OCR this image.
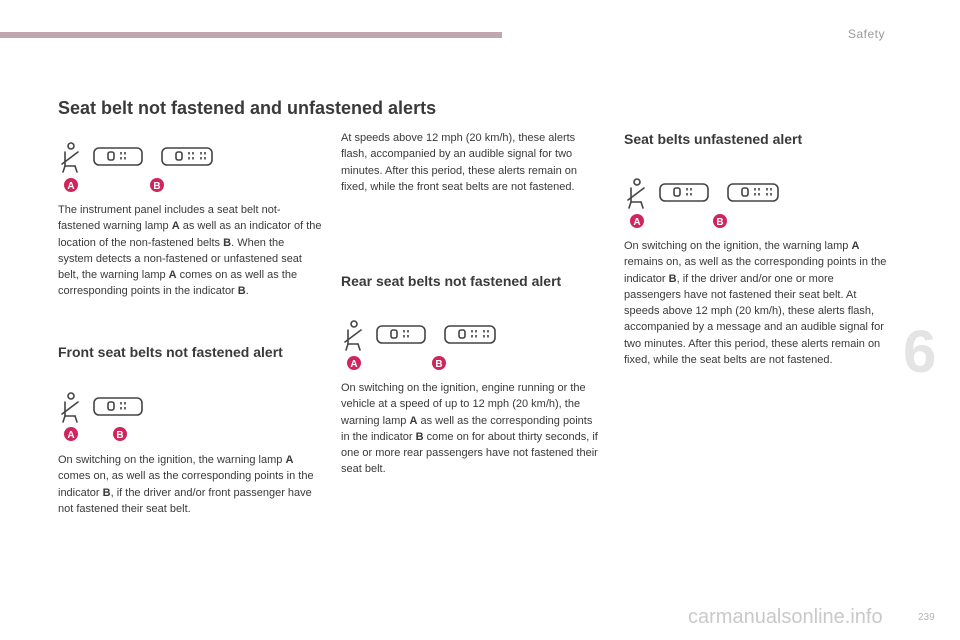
Safety
6
239
carmanualsonline.info
Seat belt not fastened and unfastened alerts
A	B

The instrument panel includes a seat belt not-fastened warning lamp A as well as an indicator of the location of the non-fastened belts B. When the system detects a non-fastened or unfastened seat belt, the warning lamp A comes on as well as the corresponding points in the indicator B.

Front seat belts not fastened alert
A	B

On switching on the ignition, the warning lamp A comes on, as well as the corresponding points in the indicator B, if the driver and/or front passenger have not fastened their seat belt.

At speeds above 12 mph (20 km/h), these alerts flash, accompanied by an audible signal for two minutes. After this period, these alerts remain on fixed, while the front seat belts are not fastened.

Rear seat belts not fastened alert
A	B

On switching on the ignition, engine running or the vehicle at a speed of up to 12 mph (20 km/h), the warning lamp A as well as the corresponding points in the indicator B come on for about thirty seconds, if one or more rear passengers have not fastened their seat belt.

Seat belts unfastened alert
A	B

On switching on the ignition, the warning lamp A remains on, as well as the corresponding points in the indicator B, if the driver and/or one or more passengers have not fastened their seat belt. At speeds above 12 mph (20 km/h), these alerts flash, accompanied by a message and an audible signal for two minutes. After this period, these alerts remain on fixed, while the seat belts are not fastened.
